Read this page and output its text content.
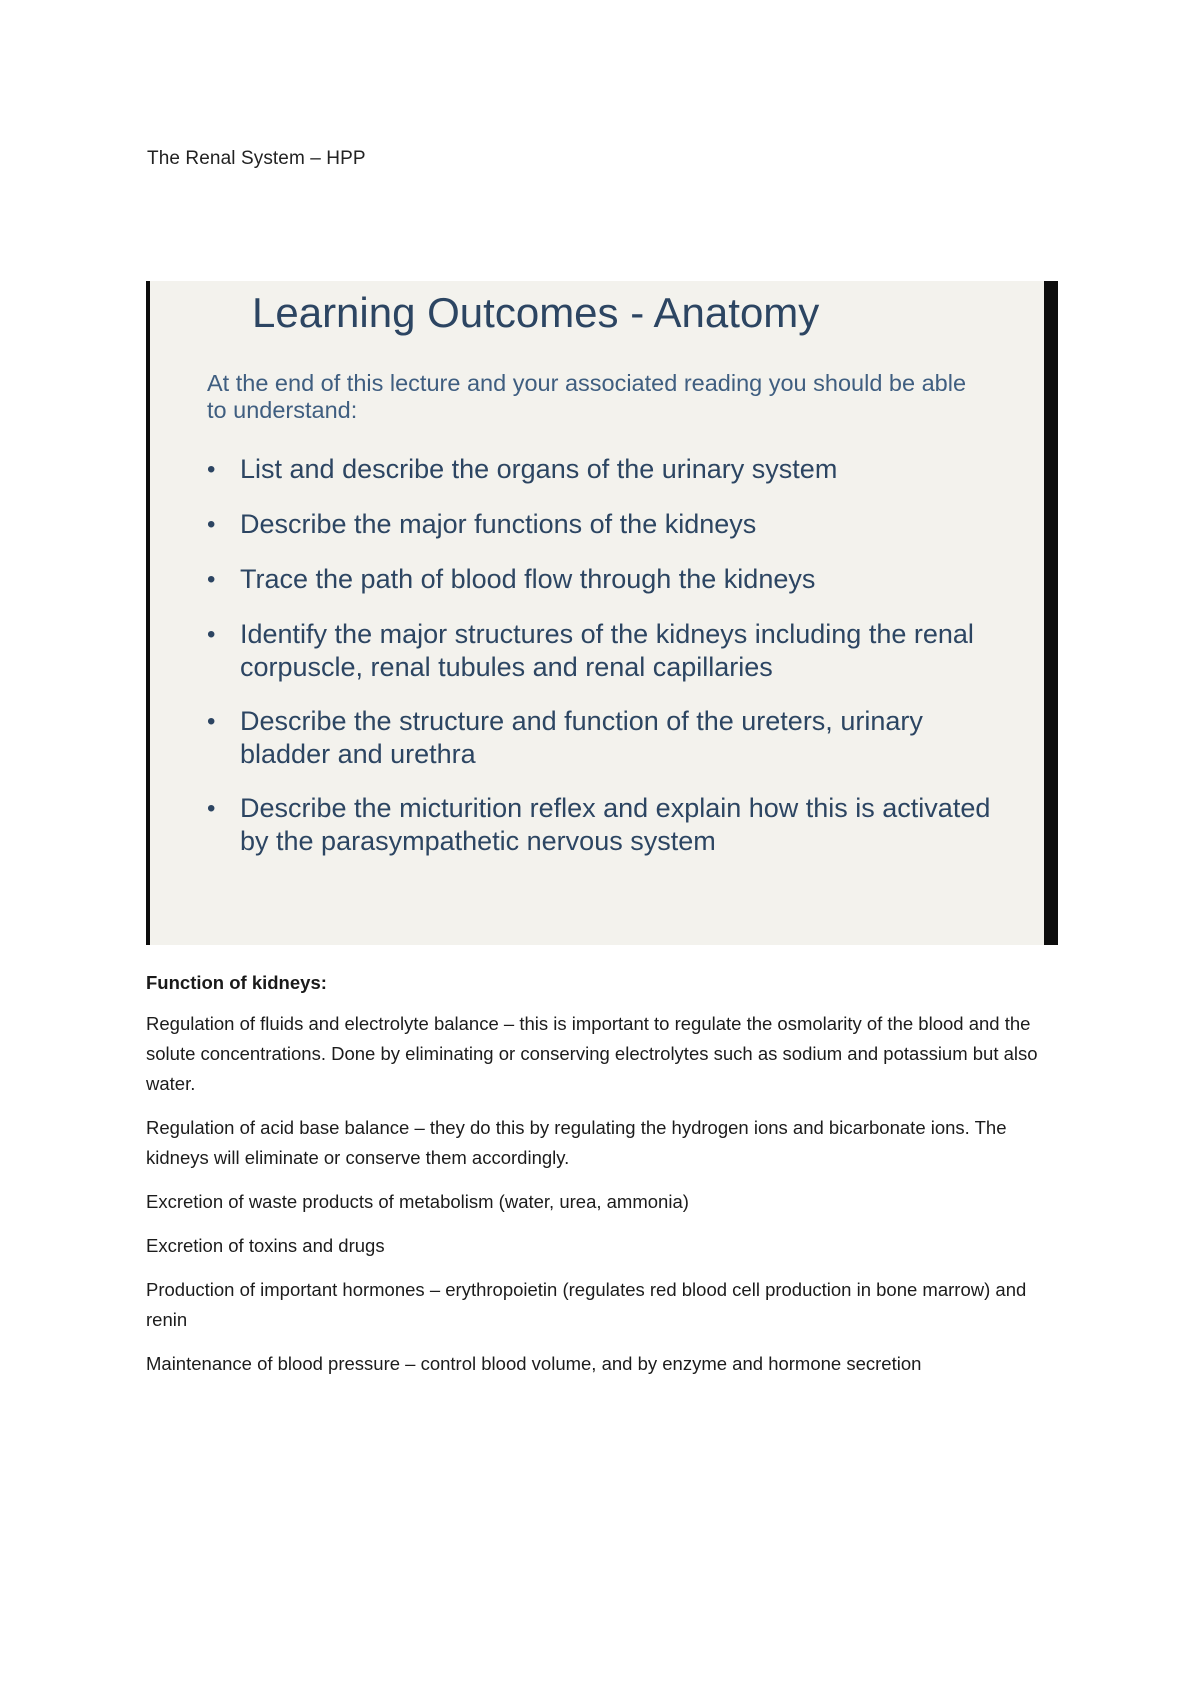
The Renal System – HPP
Learning Outcomes - Anatomy
At the end of this lecture and your associated reading you should be able to understand:
• List and describe the organs of the urinary system
• Describe the major functions of the kidneys
• Trace the path of blood flow through the kidneys
• Identify the major structures of the kidneys including the renal corpuscle, renal tubules and renal capillaries
• Describe the structure and function of the ureters, urinary bladder and urethra
• Describe the micturition reflex and explain how this is activated by the parasympathetic nervous system
Function of kidneys:

Regulation of fluids and electrolyte balance – this is important to regulate the osmolarity of the blood and the solute concentrations. Done by eliminating or conserving electrolytes such as sodium and potassium but also water.

Regulation of acid base balance – they do this by regulating the hydrogen ions and bicarbonate ions. The kidneys will eliminate or conserve them accordingly.

Excretion of waste products of metabolism (water, urea, ammonia)

Excretion of toxins and drugs

Production of important hormones – erythropoietin (regulates red blood cell production in bone marrow) and renin

Maintenance of blood pressure – control blood volume, and by enzyme and hormone secretion
